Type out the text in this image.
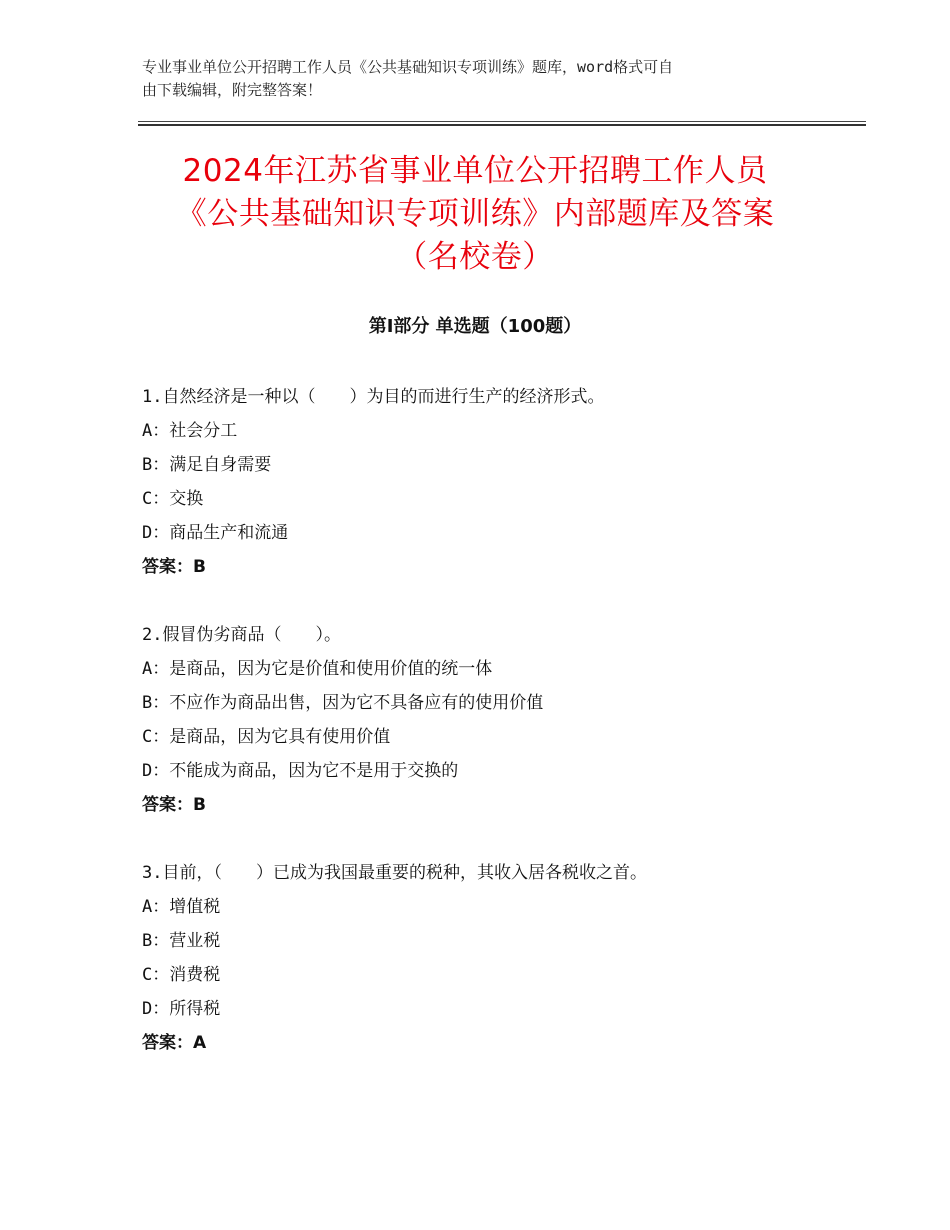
专业事业单位公开招聘工作人员《公共基础知识专项训练》题库，word格式可自
由下载编辑，附完整答案！
2024年江苏省事业单位公开招聘工作人员
《公共基础知识专项训练》内部题库及答案
（名校卷）
第Ⅰ部分 单选题（100题）
1.自然经济是一种以（　　）为目的而进行生产的经济形式。
A：社会分工
B：满足自身需要
C：交换
D：商品生产和流通
答案：B
2.假冒伪劣商品（　　）。
A：是商品，因为它是价值和使用价值的统一体
B：不应作为商品出售，因为它不具备应有的使用价值
C：是商品，因为它具有使用价值
D：不能成为商品，因为它不是用于交换的
答案：B
3.目前，（　　）已成为我国最重要的税种，其收入居各税收之首。
A：增值税
B：营业税
C：消费税
D：所得税
答案：A
